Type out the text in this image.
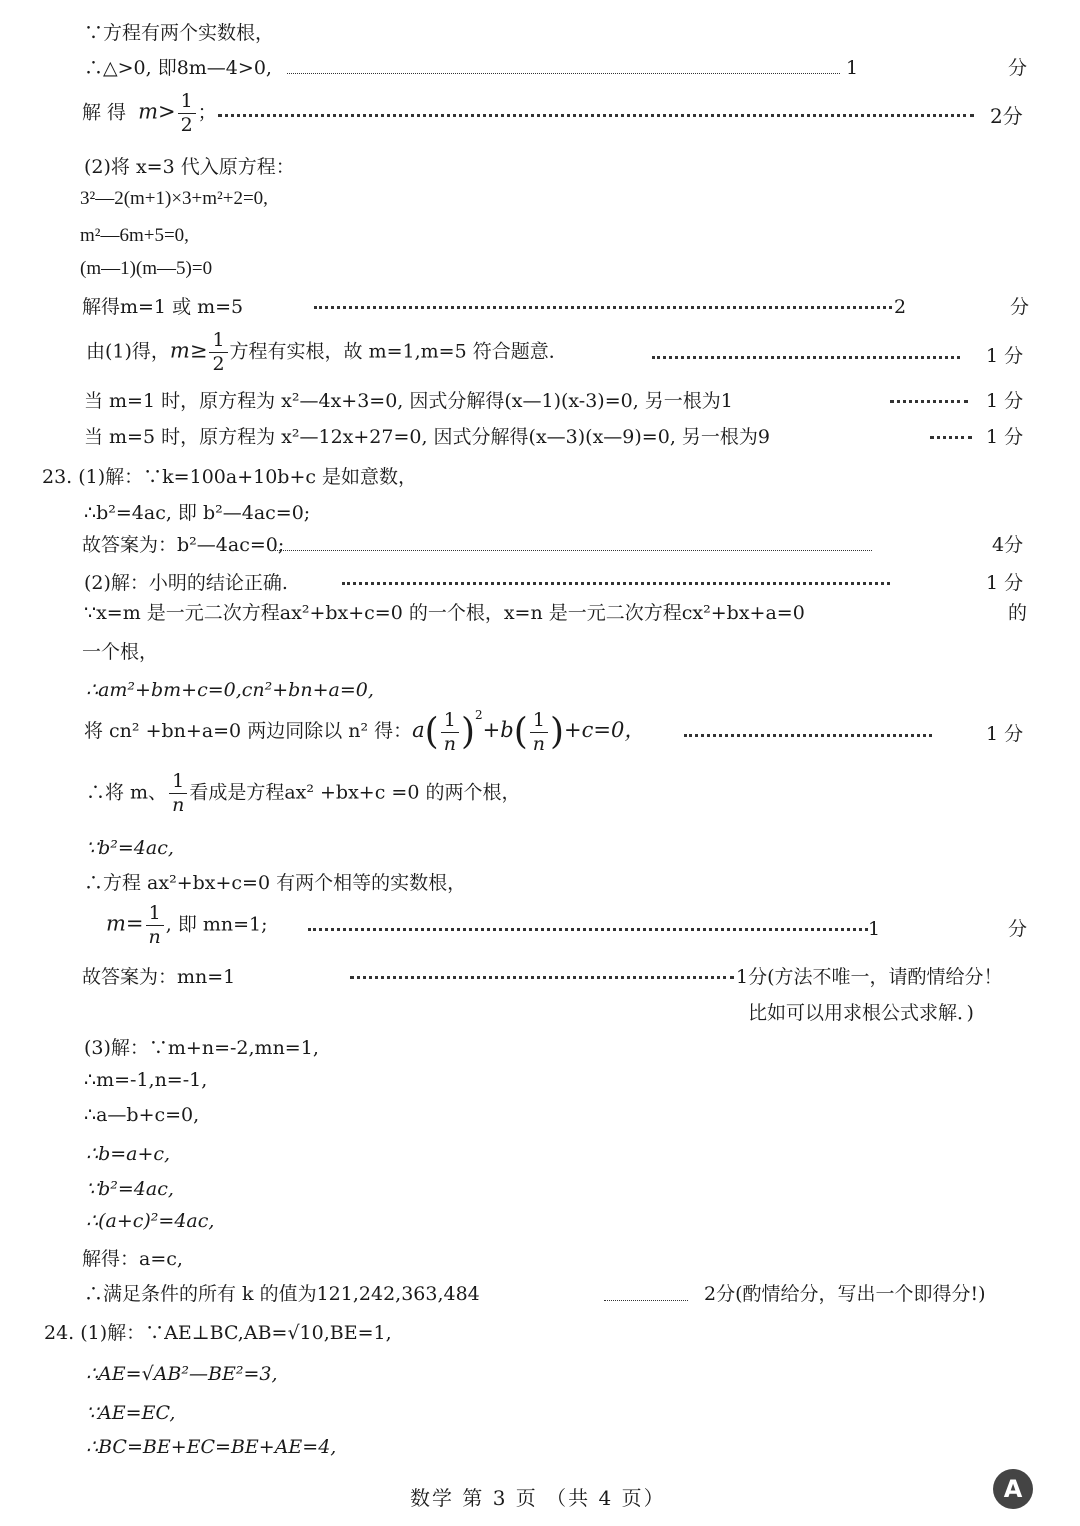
∵方程有两个实数根，
∴△>0, 即8m—4>0,	1	分
解得 $m> \frac{1}{2}$ ；	2分
(2)将 x=3 代入原方程：
3²—2(m+1)×3+m²+2=0,
m²—6m+5=0,
(m—1)(m—5)=0
解得m=1 或 m=5	2	分
由(1)得，$m\ge \frac{1}{2}$ 方程有实根，故 m=1,m=5 符合题意．	1 分
当 m=1 时，原方程为 x²—4x+3=0, 因式分解得(x—1)(x-3)=0, 另一根为1	1 分
当 m=5 时，原方程为 x²—12x+27=0, 因式分解得(x—3)(x—9)=0, 另一根为9	1 分
23. (1)解：∵k=100a+10b+c 是如意数，
∴b²=4ac, 即 b²—4ac=0;
故答案为：b²—4ac=0;	4分
(2)解：小明的结论正确.	1 分
∵x=m 是一元二次方程ax²+bx+c=0 的一个根，x=n 是一元二次方程cx²+bx+a=0	的
一个根，
∴am²+bm+c=0,cn²+bn+a=0,
将 cn² +bn+a=0 两边同除以 n² 得：$a( \frac{1}{n} )^2+b( \frac{1}{n} )+c=0$，	1 分
∴将 m、 $\frac{1}{n}$ 看成是方程ax² +bx+c =0 的两个根，
∵b²=4ac,
∴方程 ax²+bx+c=0 有两个相等的实数根，
$m= \frac{1}{n}$ , 即 mn=1;	1	分
故答案为：mn=1	1分(方法不唯一，请酌情给分！
比如可以用求根公式求解．)
(3)解：∵m+n=-2,mn=1,
∴m=-1,n=-1,
∴a—b+c=0,
∴b=a+c,
∵b²=4ac,
∴(a+c)²=4ac,
解得：a=c,
∴满足条件的所有 k 的值为121,242,363,484	2分(酌情给分，写出一个即得分!)
24. (1)解：∵AE⊥BC,AB=√10,BE=1,
∴AE=√AB²—BE²=3,
∵AE=EC,
∴BC=BE+EC=BE+AE=4,
数学 第 3 页 （共 4 页）	A
